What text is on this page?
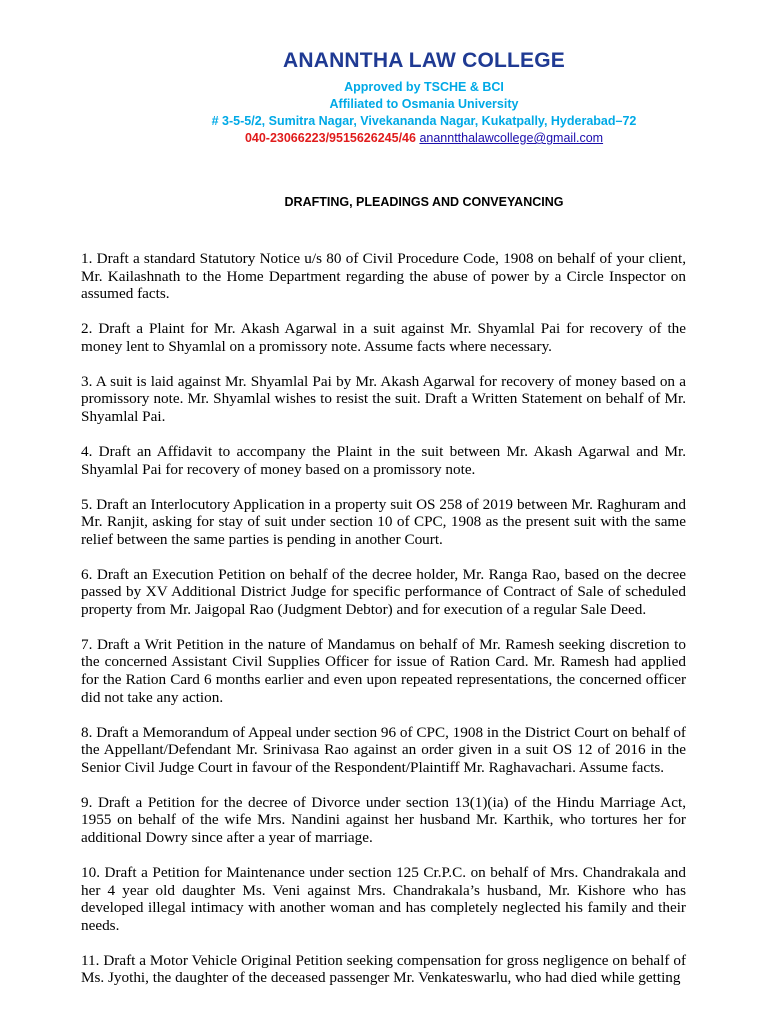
ANANNTHA LAW COLLEGE
Approved by TSCHE & BCI
Affiliated to Osmania University
# 3-5-5/2, Sumitra Nagar, Vivekananda Nagar, Kukatpally, Hyderabad–72
040-23066223/9515626245/46 ananntthalawcollege@gmail.com
DRAFTING, PLEADINGS AND CONVEYANCING
1. Draft a standard Statutory Notice u/s 80 of Civil Procedure Code, 1908 on behalf of your client, Mr. Kailashnath to the Home Department regarding the abuse of power by a Circle Inspector on assumed facts.
2. Draft a Plaint for Mr. Akash Agarwal in a suit against Mr. Shyamlal Pai for recovery of the money lent to Shyamlal on a promissory note. Assume facts where necessary.
3. A suit is laid against Mr. Shyamlal Pai by Mr. Akash Agarwal for recovery of money based on a promissory note. Mr. Shyamlal wishes to resist the suit. Draft a Written Statement on behalf of Mr. Shyamlal Pai.
4. Draft an Affidavit to accompany the Plaint in the suit between Mr. Akash Agarwal and Mr. Shyamlal Pai for recovery of money based on a promissory note.
5. Draft an Interlocutory Application in a property suit OS 258 of 2019 between Mr. Raghuram and Mr. Ranjit, asking for stay of suit under section 10 of CPC, 1908 as the present suit with the same relief between the same parties is pending in another Court.
6. Draft an Execution Petition on behalf of the decree holder, Mr. Ranga Rao, based on the decree passed by XV Additional District Judge for specific performance of Contract of Sale of scheduled property from Mr. Jaigopal Rao (Judgment Debtor) and for execution of a regular Sale Deed.
7. Draft a Writ Petition in the nature of Mandamus on behalf of Mr. Ramesh seeking discretion to the concerned Assistant Civil Supplies Officer for issue of Ration Card. Mr. Ramesh had applied for the Ration Card 6 months earlier and even upon repeated representations, the concerned officer did not take any action.
8. Draft a Memorandum of Appeal under section 96 of CPC, 1908 in the District Court on behalf of the Appellant/Defendant Mr. Srinivasa Rao against an order given in a suit OS 12 of 2016 in the Senior Civil Judge Court in favour of the Respondent/Plaintiff Mr. Raghavachari. Assume facts.
9. Draft a Petition for the decree of Divorce under section 13(1)(ia) of the Hindu Marriage Act, 1955 on behalf of the wife Mrs. Nandini against her husband Mr. Karthik, who tortures her for additional Dowry since after a year of marriage.
10. Draft a Petition for Maintenance under section 125 Cr.P.C. on behalf of Mrs. Chandrakala and her 4 year old daughter Ms. Veni against Mrs. Chandrakala’s husband, Mr. Kishore who has developed illegal intimacy with another woman and has completely neglected his family and their needs.
11. Draft a Motor Vehicle Original Petition seeking compensation for gross negligence on behalf of Ms. Jyothi, the daughter of the deceased passenger Mr. Venkateswarlu, who had died while getting
